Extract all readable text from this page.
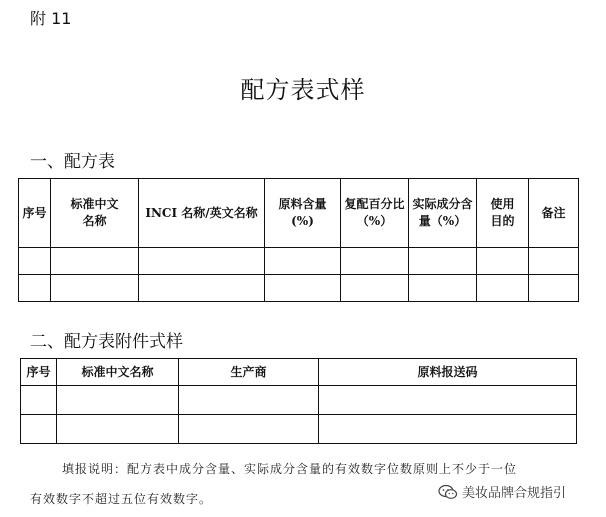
附 11
配方表式样
一、配方表
序号	标准中文名称	INCI 名称/英文名称	原料含量(%)	复配百分比（%）	实际成分含量（%）	使用目的	备注

二、配方表附件式样
序号	标准中文名称	生产商	原料报送码

填报说明：配方表中成分含量、实际成分含量的有效数字位数原则上不少于一位
有效数字不超过五位有效数字。	美妆品牌合规指引
